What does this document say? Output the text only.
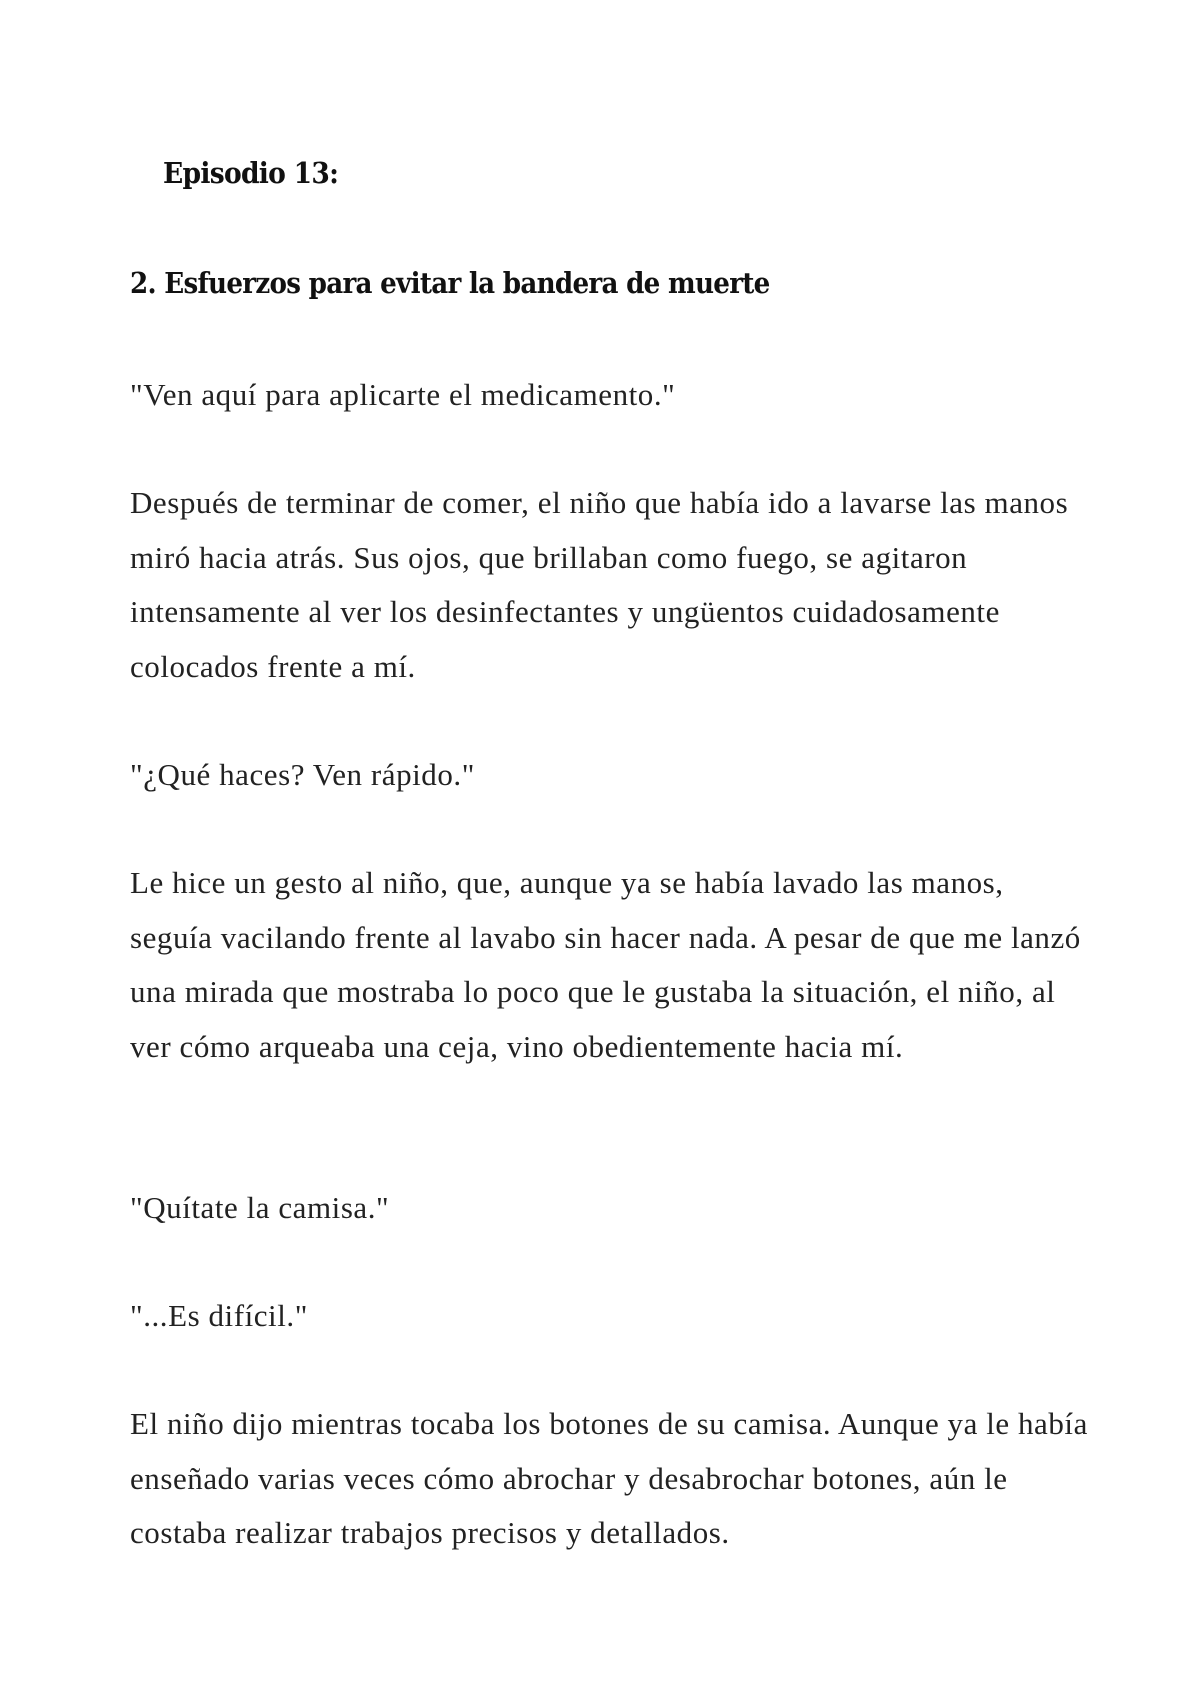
Episodio 13:
2. Esfuerzos para evitar la bandera de muerte

"Ven aquí para aplicarte el medicamento."

Después de terminar de comer, el niño que había ido a lavarse las manos miró hacia atrás. Sus ojos, que brillaban como fuego, se agitaron intensamente al ver los desinfectantes y ungüentos cuidadosamente colocados frente a mí.

"¿Qué haces? Ven rápido."

Le hice un gesto al niño, que, aunque ya se había lavado las manos, seguía vacilando frente al lavabo sin hacer nada. A pesar de que me lanzó una mirada que mostraba lo poco que le gustaba la situación, el niño, al ver cómo arqueaba una ceja, vino obedientemente hacia mí.

"Quítate la camisa."

"...Es difícil."

El niño dijo mientras tocaba los botones de su camisa. Aunque ya le había enseñado varias veces cómo abrochar y desabrochar botones, aún le costaba realizar trabajos precisos y detallados.
